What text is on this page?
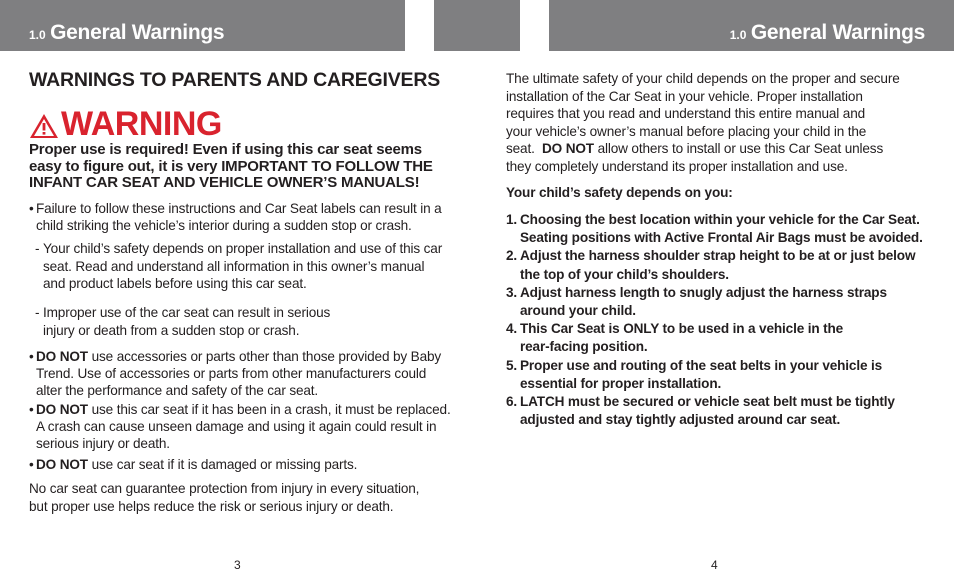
1.0 General Warnings	1.0 General Warnings
WARNINGS TO PARENTS AND CAREGIVERS
WARNING
Proper use is required! Even if using this car seat seems easy to figure out, it is very IMPORTANT TO FOLLOW THE INFANT CAR SEAT AND VEHICLE OWNER’S MANUALS!
• Failure to follow these instructions and Car Seat labels can result in a child striking the vehicle’s interior during a sudden stop or crash.
- Your child’s safety depends on proper installation and use of this car seat. Read and understand all information in this owner’s manual and product labels before using this car seat.
- Improper use of the car seat can result in serious injury or death from a sudden stop or crash.
• DO NOT use accessories or parts other than those provided by Baby Trend. Use of accessories or parts from other manufacturers could alter the performance and safety of the car seat.
• DO NOT use this car seat if it has been in a crash, it must be replaced. A crash can cause unseen damage and using it again could result in serious injury or death.
• DO NOT use car seat if it is damaged or missing parts.
No car seat can guarantee protection from injury in every situation,
but proper use helps reduce the risk or serious injury or death.
3
The ultimate safety of your child depends on the proper and secure
installation of the Car Seat in your vehicle. Proper installation
requires that you read and understand this entire manual and
your vehicle’s owner’s manual before placing your child in the
seat.  DO NOT allow others to install or use this Car Seat unless
they completely understand its proper installation and use.
Your child’s safety depends on you:
1. Choosing the best location within your vehicle for the Car Seat.
Seating positions with Active Frontal Air Bags must be avoided.
2. Adjust the harness shoulder strap height to be at or just below
the top of your child’s shoulders.
3. Adjust harness length to snugly adjust the harness straps
around your child.
4. This Car Seat is ONLY to be used in a vehicle in the
rear-facing position.
5. Proper use and routing of the seat belts in your vehicle is
essential for proper installation.
6. LATCH must be secured or vehicle seat belt must be tightly
adjusted and stay tightly adjusted around car seat.
4
